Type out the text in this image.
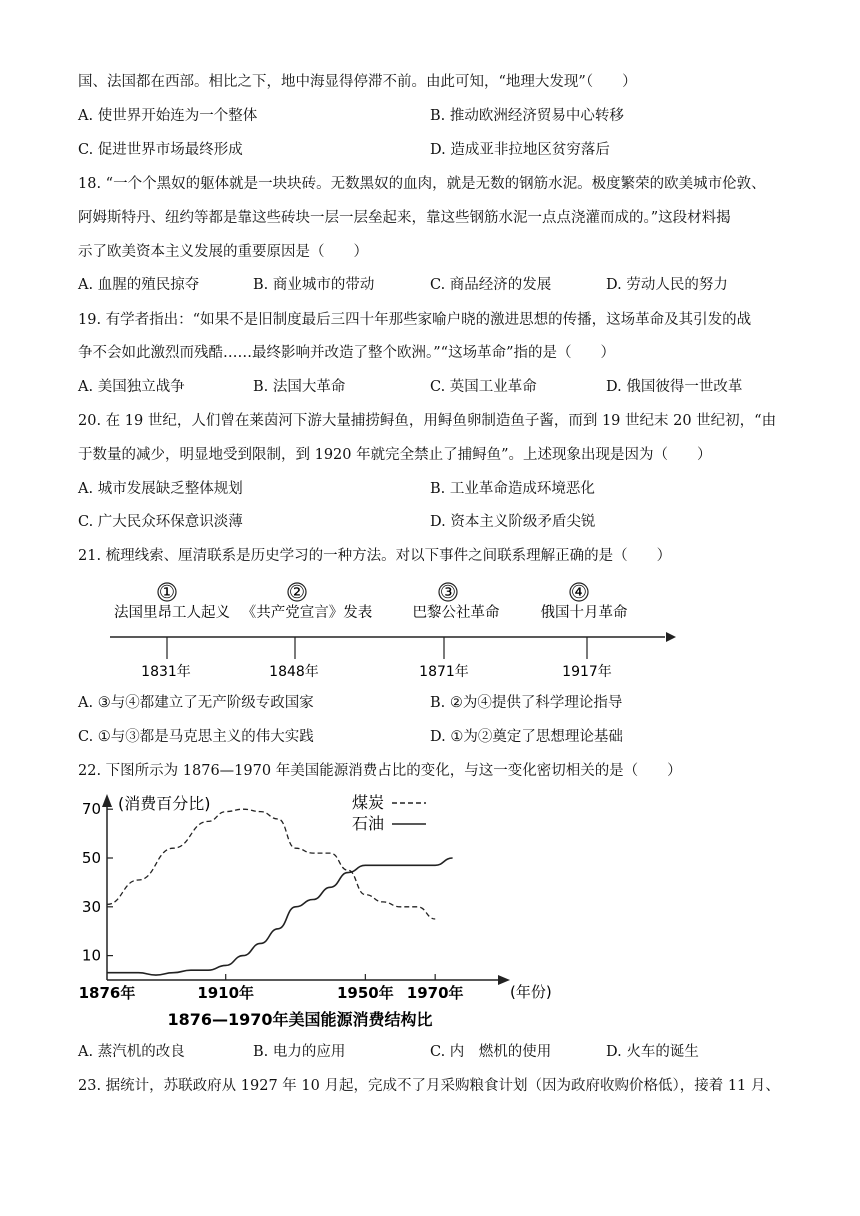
国、法国都在西部。相比之下，地中海显得停滞不前。由此可知，“地理大发现”（　　）
A. 使世界开始连为一个整体	B. 推动欧洲经济贸易中心转移
C. 促进世界市场最终形成	D. 造成亚非拉地区贫穷落后
18. “一个个黑奴的躯体就是一块块砖。无数黑奴的血肉，就是无数的钢筋水泥。极度繁荣的欧美城市伦敦、
阿姆斯特丹、纽约等都是靠这些砖块一层一层垒起来，靠这些钢筋水泥一点点浇灌而成的。”这段材料揭
示了欧美资本主义发展的重要原因是（　　）
A. 血腥的殖民掠夺	B. 商业城市的带动	C. 商品经济的发展	D. 劳动人民的努力
19. 有学者指出：“如果不是旧制度最后三四十年那些家喻户晓的激进思想的传播，这场革命及其引发的战
争不会如此激烈而残酷……最终影响并改造了整个欧洲。”“这场革命”指的是（　　）
A. 美国独立战争	B. 法国大革命	C. 英国工业革命	D. 俄国彼得一世改革
20. 在 19 世纪，人们曾在莱茵河下游大量捕捞鲟鱼，用鲟鱼卵制造鱼子酱，而到 19 世纪末 20 世纪初，“由
于数量的减少，明显地受到限制，到 1920 年就完全禁止了捕鲟鱼”。上述现象出现是因为（　　）
A. 城市发展缺乏整体规划	B. 工业革命造成环境恶化
C. 广大民众环保意识淡薄	D. 资本主义阶级矛盾尖锐
21. 梳理线索、厘清联系是历史学习的一种方法。对以下事件之间联系理解正确的是（　　）
①
法国里昂工人起义
1831年
②
《共产党宣言》发表
1848年
③
巴黎公社革命
1871年
④
俄国十月革命
1917年
A. ③与④都建立了无产阶级专政国家	B. ②为④提供了科学理论指导
C. ①与③都是马克思主义的伟大实践	D. ①为②奠定了思想理论基础
22. 下图所示为 1876—1970 年美国能源消费占比的变化，与这一变化密切相关的是（　　）
(消费百分比)
(年份)
1876—1970年美国能源消费结构比
10
30
50
70
1876年	1910年	1950年 1970年
煤炭
石油
A. 蒸汽机的改良	B. 电力的应用	C. 内　燃机的使用	D. 火车的诞生
23. 据统计，苏联政府从 1927 年 10 月起，完成不了月采购粮食计划（因为政府收购价格低），接着 11 月、
